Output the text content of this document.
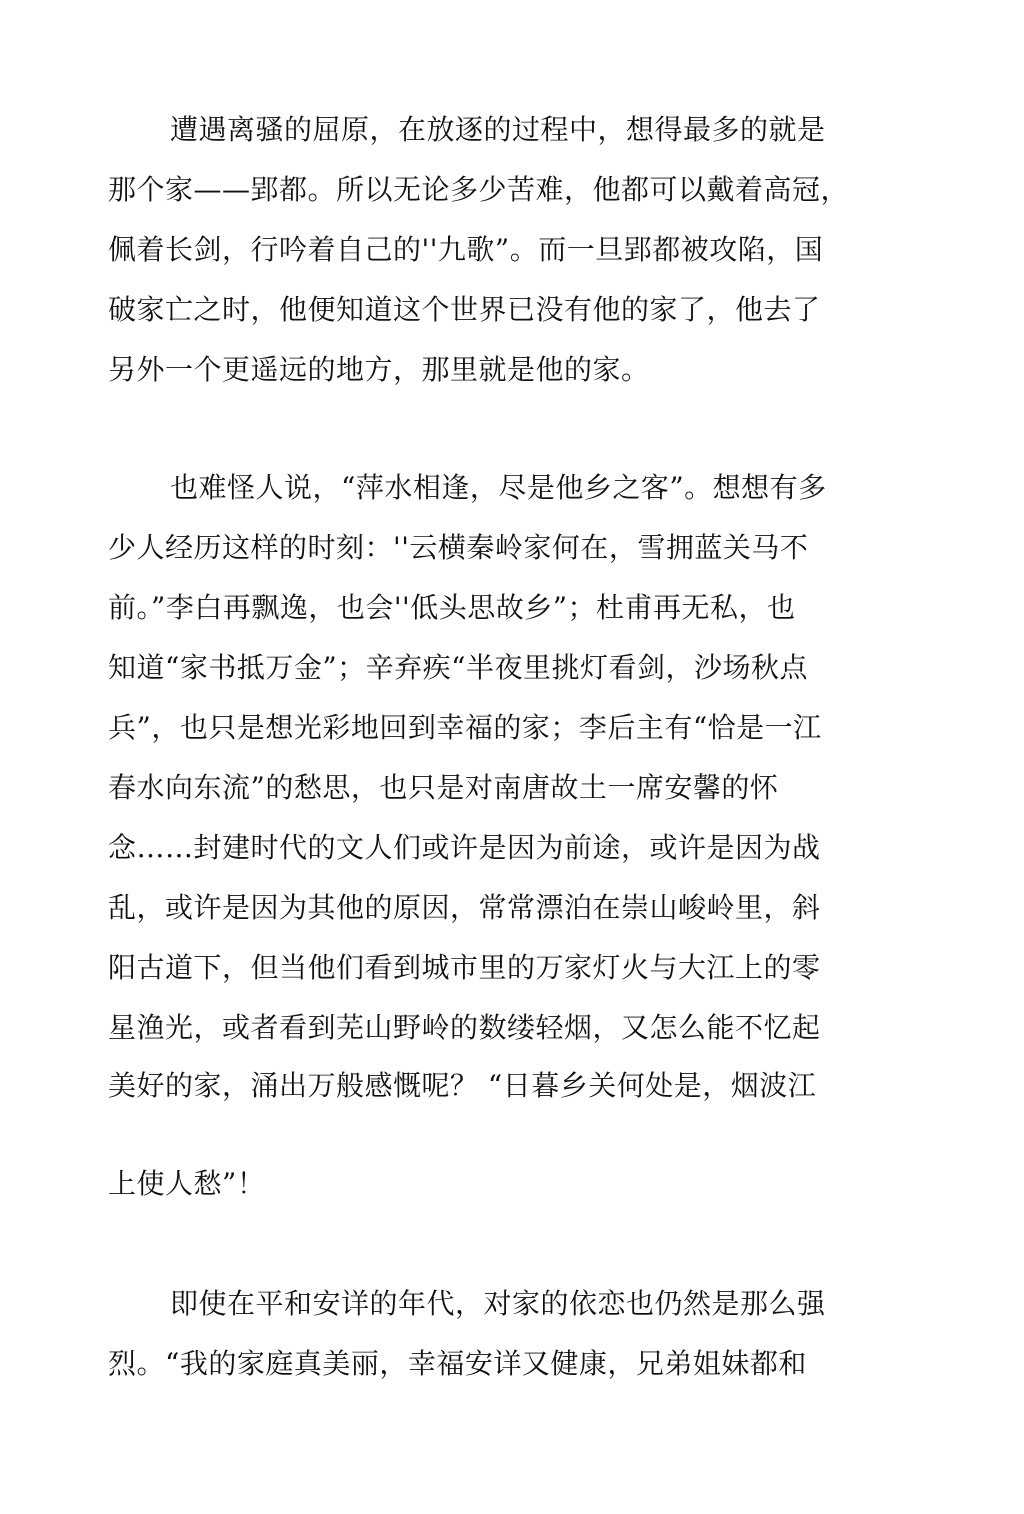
遭遇离骚的屈原，在放逐的过程中，想得最多的就是
那个家——郢都。所以无论多少苦难，他都可以戴着高冠，
佩着长剑，行吟着自己的''九歌”。而一旦郢都被攻陷，国
破家亡之时，他便知道这个世界已没有他的家了，他去了
另外一个更遥远的地方，那里就是他的家。
也难怪人说，“萍水相逢，尽是他乡之客”。想想有多
少人经历这样的时刻：''云横秦岭家何在，雪拥蓝关马不
前。”李白再飘逸，也会''低头思故乡”；杜甫再无私，也
知道“家书抵万金”；辛弃疾“半夜里挑灯看剑，沙场秋点
兵”，也只是想光彩地回到幸福的家；李后主有“恰是一江
春水向东流”的愁思，也只是对南唐故土一席安馨的怀
念……封建时代的文人们或许是因为前途，或许是因为战
乱，或许是因为其他的原因，常常漂泊在崇山峻岭里，斜
阳古道下，但当他们看到城市里的万家灯火与大江上的零
星渔光，或者看到芜山野岭的数缕轻烟，又怎么能不忆起
美好的家，涌出万般感慨呢？ “日暮乡关何处是，烟波江
上使人愁”！
即使在平和安详的年代，对家的依恋也仍然是那么强
烈。“我的家庭真美丽，幸福安详又健康，兄弟姐妹都和
